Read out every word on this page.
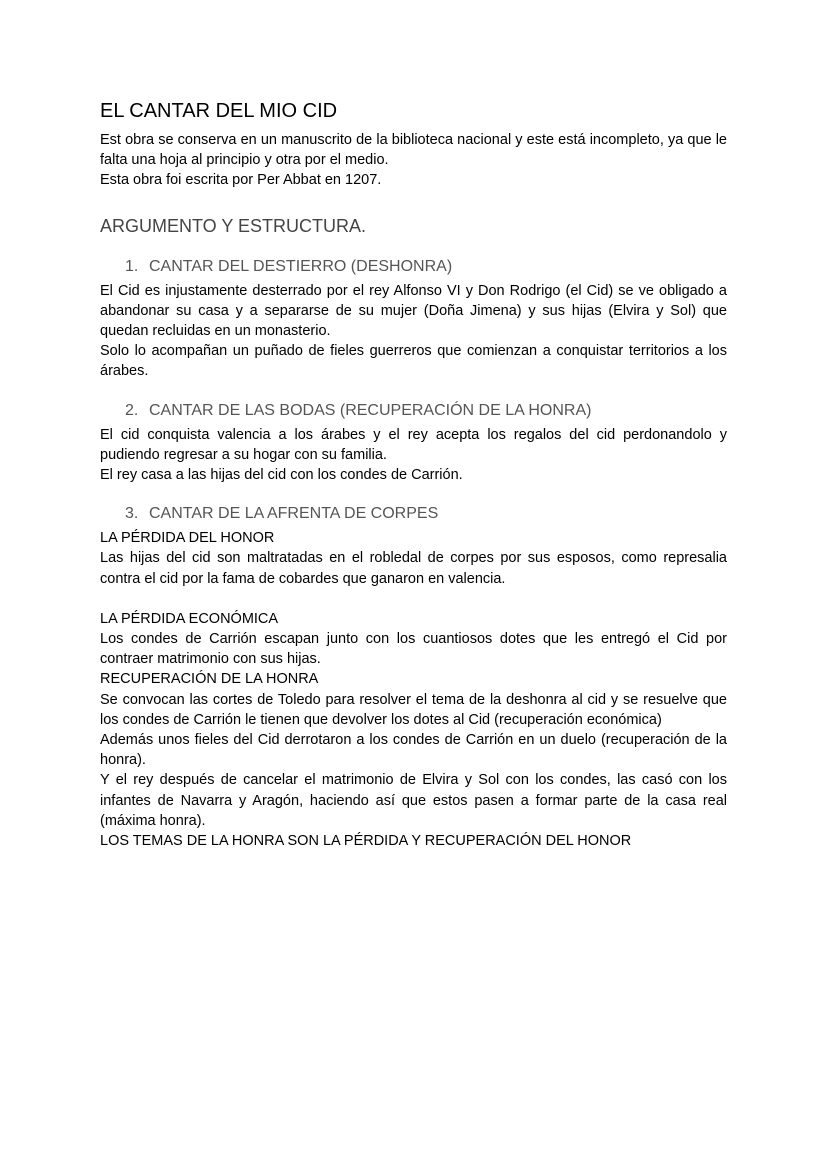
EL CANTAR DEL MIO CID

Est obra se conserva en un manuscrito de la biblioteca nacional y este está incompleto, ya que le falta una hoja al principio y otra por el medio.

Esta obra foi escrita por Per Abbat en 1207.

ARGUMENTO Y ESTRUCTURA.
1. CANTAR DEL DESTIERRO (DESHONRA)

El Cid es injustamente desterrado por el rey Alfonso VI y Don Rodrigo (el Cid) se ve obligado a abandonar su casa y a separarse de su mujer (Doña Jimena) y sus hijas (Elvira y Sol) que quedan recluidas en un monasterio.

Solo lo acompañan un puñado de fieles guerreros que comienzan a conquistar territorios a los árabes.

2. CANTAR DE LAS BODAS (RECUPERACIÓN DE LA HONRA)

El cid conquista valencia a los árabes y el rey acepta los regalos del cid perdonandolo y pudiendo regresar a su hogar con su familia.

El rey casa a las hijas del cid con los condes de Carrión.

3. CANTAR DE LA AFRENTA DE CORPES

LA PÉRDIDA DEL HONOR

Las hijas del cid son maltratadas en el robledal de corpes por sus esposos, como represalia contra el cid por la fama de cobardes que ganaron en valencia.

LA PÉRDIDA ECONÓMICA

Los condes de Carrión escapan junto con los cuantiosos dotes que les entregó el Cid por contraer matrimonio con sus hijas.

RECUPERACIÓN DE LA HONRA

Se convocan las cortes de Toledo para resolver el tema de la deshonra al cid y se resuelve que los condes de Carrión le tienen que devolver los dotes al Cid (recuperación económica)

Además unos fieles del Cid derrotaron a los condes de Carrión en un duelo (recuperación de la honra).

Y el rey después de cancelar el matrimonio de Elvira y Sol con los condes, las casó con los infantes de Navarra y Aragón, haciendo así que estos pasen a formar parte de la casa real (máxima honra).

LOS TEMAS DE LA HONRA SON LA PÉRDIDA Y RECUPERACIÓN DEL HONOR
